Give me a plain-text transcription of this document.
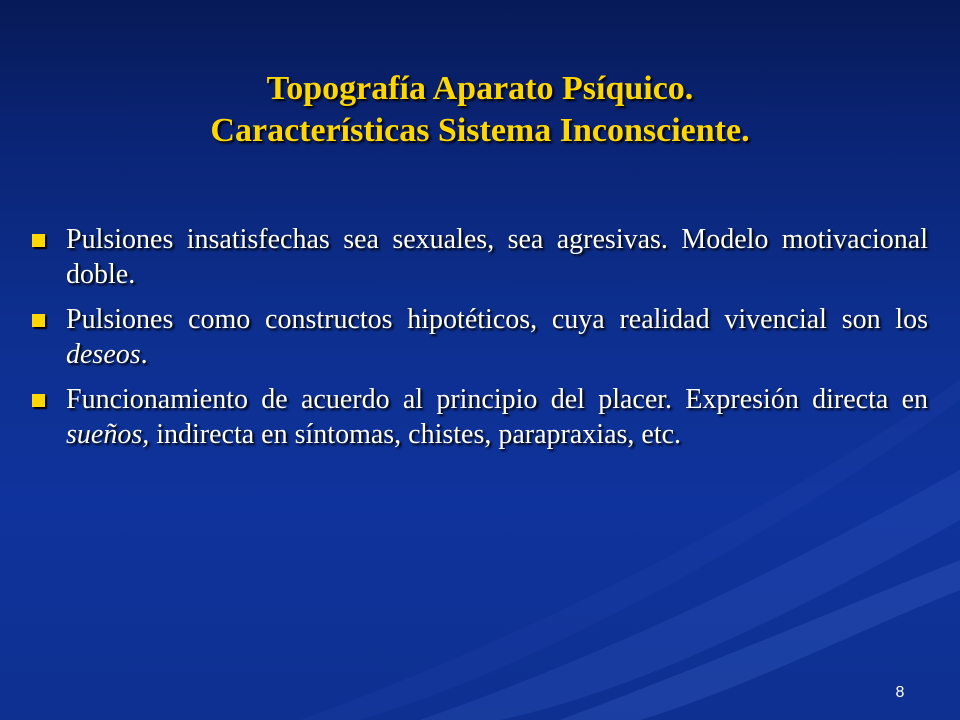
Topografía Aparato Psíquico.
Características Sistema Inconsciente.
Pulsiones insatisfechas sea sexuales, sea agresivas. Modelo motivacional doble.
Pulsiones como constructos hipotéticos, cuya realidad vivencial son los deseos.
Funcionamiento de acuerdo al principio del placer. Expresión directa en sueños, indirecta en síntomas, chistes, parapraxias, etc.
8
